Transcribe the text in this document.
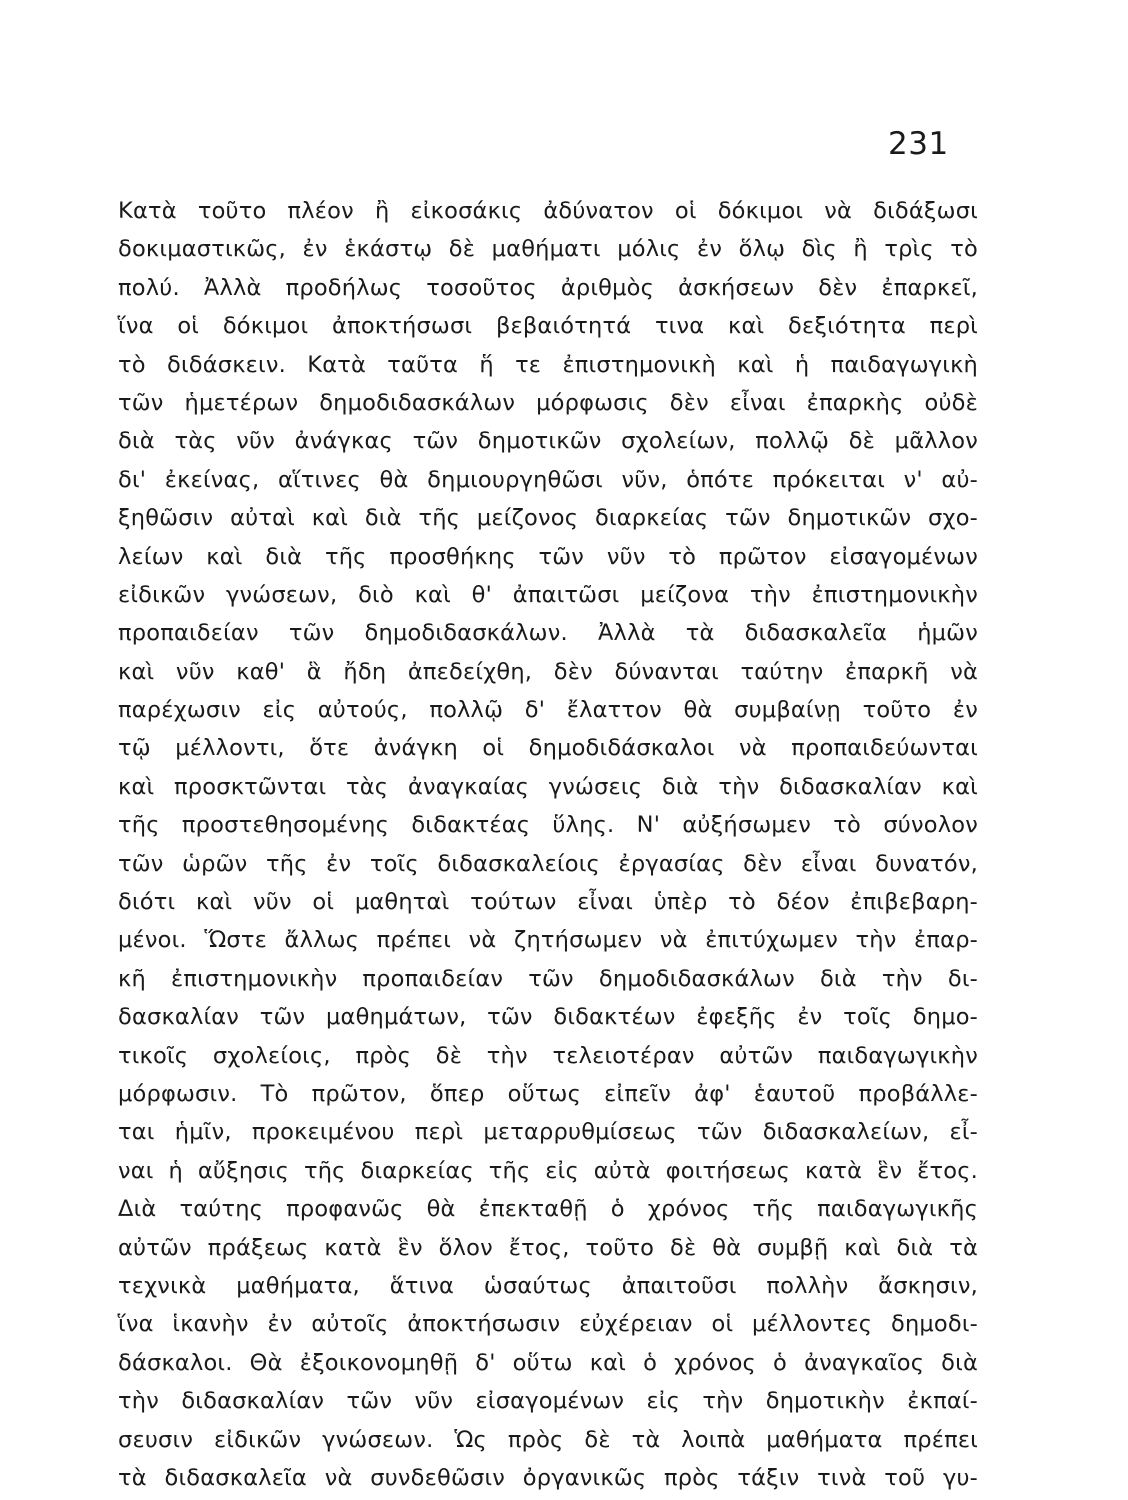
231
Κατὰ τοῦτο πλέον ἢ εἰκοσάκις ἀδύνατον οἱ δόκιμοι νὰ διδάξωσι
δοκιμαστικῶς, ἐν ἑκάστῳ δὲ μαθήματι μόλις ἐν ὅλῳ δὶς ἢ τρὶς τὸ
πολύ. Ἀλλὰ προδήλως τοσοῦτος ἀριθμὸς ἀσκήσεων δὲν ἐπαρκεῖ,
ἵνα οἱ δόκιμοι ἀποκτήσωσι βεβαιότητά τινα καὶ δεξιότητα περὶ
τὸ διδάσκειν. Κατὰ ταῦτα ἥ τε ἐπιστημονικὴ καὶ ἡ παιδαγωγικὴ
τῶν ἡμετέρων δημοδιδασκάλων μόρφωσις δὲν εἶναι ἐπαρκὴς οὐδὲ
διὰ τὰς νῦν ἀνάγκας τῶν δημοτικῶν σχολείων, πολλῷ δὲ μᾶλλον
δι' ἐκείνας, αἵτινες θὰ δημιουργηθῶσι νῦν, ὁπότε πρόκειται ν' αὐ-
ξηθῶσιν αὐταὶ καὶ διὰ τῆς μείζονος διαρκείας τῶν δημοτικῶν σχο-
λείων καὶ διὰ τῆς προσθήκης τῶν νῦν τὸ πρῶτον εἰσαγομένων
εἰδικῶν γνώσεων, διὸ καὶ θ' ἀπαιτῶσι μείζονα τὴν ἐπιστημονικὴν
προπαιδείαν τῶν δημοδιδασκάλων. Ἀλλὰ τὰ διδασκαλεῖα ἡμῶν
καὶ νῦν καθ' ἃ ἤδη ἀπεδείχθη, δὲν δύνανται ταύτην ἐπαρκῆ νὰ
παρέχωσιν εἰς αὐτούς, πολλῷ δ' ἔλαττον θὰ συμβαίνῃ τοῦτο ἐν
τῷ μέλλοντι, ὅτε ἀνάγκη οἱ δημοδιδάσκαλοι νὰ προπαιδεύωνται
καὶ προσκτῶνται τὰς ἀναγκαίας γνώσεις διὰ τὴν διδασκαλίαν καὶ
τῆς προστεθησομένης διδακτέας ὕλης. Ν' αὐξήσωμεν τὸ σύνολον
τῶν ὡρῶν τῆς ἐν τοῖς διδασκαλείοις ἐργασίας δὲν εἶναι δυνατόν,
διότι καὶ νῦν οἱ μαθηταὶ τούτων εἶναι ὑπὲρ τὸ δέον ἐπιβεβαρη-
μένοι. Ὥστε ἄλλως πρέπει νὰ ζητήσωμεν νὰ ἐπιτύχωμεν τὴν ἐπαρ-
κῆ ἐπιστημονικὴν προπαιδείαν τῶν δημοδιδασκάλων διὰ τὴν δι-
δασκαλίαν τῶν μαθημάτων, τῶν διδακτέων ἐφεξῆς ἐν τοῖς δημο-
τικοῖς σχολείοις, πρὸς δὲ τὴν τελειοτέραν αὐτῶν παιδαγωγικὴν
μόρφωσιν. Τὸ πρῶτον, ὅπερ οὕτως εἰπεῖν ἀφ' ἑαυτοῦ προβάλλε-
ται ἡμῖν, προκειμένου περὶ μεταρρυθμίσεως τῶν διδασκαλείων, εἶ-
ναι ἡ αὔξησις τῆς διαρκείας τῆς εἰς αὐτὰ φοιτήσεως κατὰ ἓν ἔτος.
Διὰ ταύτης προφανῶς θὰ ἐπεκταθῇ ὁ χρόνος τῆς παιδαγωγικῆς
αὐτῶν πράξεως κατὰ ἓν ὅλον ἔτος, τοῦτο δὲ θὰ συμβῇ καὶ διὰ τὰ
τεχνικὰ μαθήματα, ἅτινα ὡσαύτως ἀπαιτοῦσι πολλὴν ἄσκησιν,
ἵνα ἱκανὴν ἐν αὐτοῖς ἀποκτήσωσιν εὐχέρειαν οἱ μέλλοντες δημοδι-
δάσκαλοι. Θὰ ἐξοικονομηθῇ δ' οὕτω καὶ ὁ χρόνος ὁ ἀναγκαῖος διὰ
τὴν διδασκαλίαν τῶν νῦν εἰσαγομένων εἰς τὴν δημοτικὴν ἐκπαί-
σευσιν εἰδικῶν γνώσεων. Ὡς πρὸς δὲ τὰ λοιπὰ μαθήματα πρέπει
τὰ διδασκαλεῖα νὰ συνδεθῶσιν ὀργανικῶς πρὸς τάξιν τινὰ τοῦ γυ-
